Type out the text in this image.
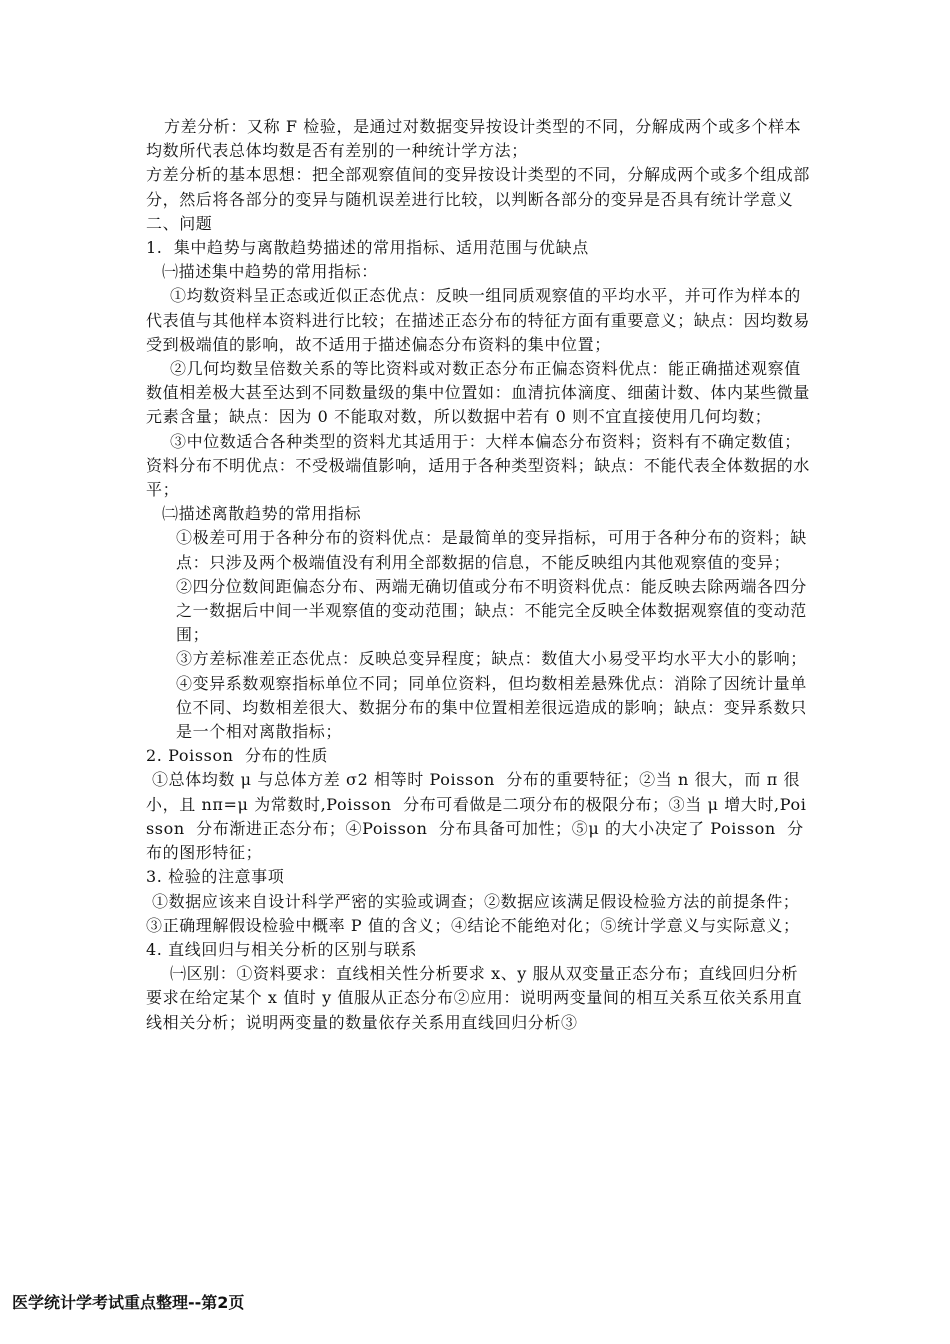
方差分析：又称 F 检验，是通过对数据变异按设计类型的不同，分解成两个或多个样本均数所代表总体均数是否有差别的一种统计学方法；

方差分析的基本思想：把全部观察值间的变异按设计类型的不同，分解成两个或多个组成部分，然后将各部分的变异与随机误差进行比较，以判断各部分的变异是否具有统计学意义

二、问题

1.  集中趋势与离散趋势描述的常用指标、适用范围与优缺点

㈠描述集中趋势的常用指标：

①均数资料呈正态或近似正态优点：反映一组同质观察值的平均水平，并可作为样本的代表值与其他样本资料进行比较；在描述正态分布的特征方面有重要意义；缺点：因均数易受到极端值的影响，故不适用于描述偏态分布资料的集中位置；

②几何均数呈倍数关系的等比资料或对数正态分布正偏态资料优点：能正确描述观察值数值相差极大甚至达到不同数量级的集中位置如：血清抗体滴度、细菌计数、体内某些微量元素含量；缺点：因为 0 不能取对数，所以数据中若有 0 则不宜直接使用几何均数；

③中位数适合各种类型的资料尤其适用于：大样本偏态分布资料；资料有不确定数值；资料分布不明优点：不受极端值影响，适用于各种类型资料；缺点：不能代表全体数据的水平；

㈡描述离散趋势的常用指标

①极差可用于各种分布的资料优点：是最简单的变异指标，可用于各种分布的资料；缺点：只涉及两个极端值没有利用全部数据的信息，不能反映组内其他观察值的变异；

②四分位数间距偏态分布、两端无确切值或分布不明资料优点：能反映去除两端各四分之一数据后中间一半观察值的变动范围；缺点：不能完全反映全体数据观察值的变动范围；

③方差标准差正态优点：反映总变异程度；缺点：数值大小易受平均水平大小的影响；

④变异系数观察指标单位不同；同单位资料，但均数相差悬殊优点：消除了因统计量单位不同、均数相差很大、数据分布的集中位置相差很远造成的影响；缺点：变异系数只是一个相对离散指标；

2. Poisson  分布的性质

①总体均数 μ 与总体方差 σ2 相等时 Poisson  分布的重要特征；②当 n 很大，而 π 很小，且 nπ=μ 为常数时,Poisson  分布可看做是二项分布的极限分布；③当 μ 增大时,Poisson  分布渐进正态分布；④Poisson  分布具备可加性；⑤μ 的大小决定了 Poisson  分布的图形特征；

3. 检验的注意事项

①数据应该来自设计科学严密的实验或调查；②数据应该满足假设检验方法的前提条件；③正确理解假设检验中概率 P 值的含义；④结论不能绝对化；⑤统计学意义与实际意义；

4. 直线回归与相关分析的区别与联系

㈠区别：①资料要求：直线相关性分析要求 x、y 服从双变量正态分布；直线回归分析要求在给定某个 x 值时 y 值服从正态分布②应用：说明两变量间的相互关系互依关系用直线相关分析；说明两变量的数量依存关系用直线回归分析③

医学统计学考试重点整理--第2页
